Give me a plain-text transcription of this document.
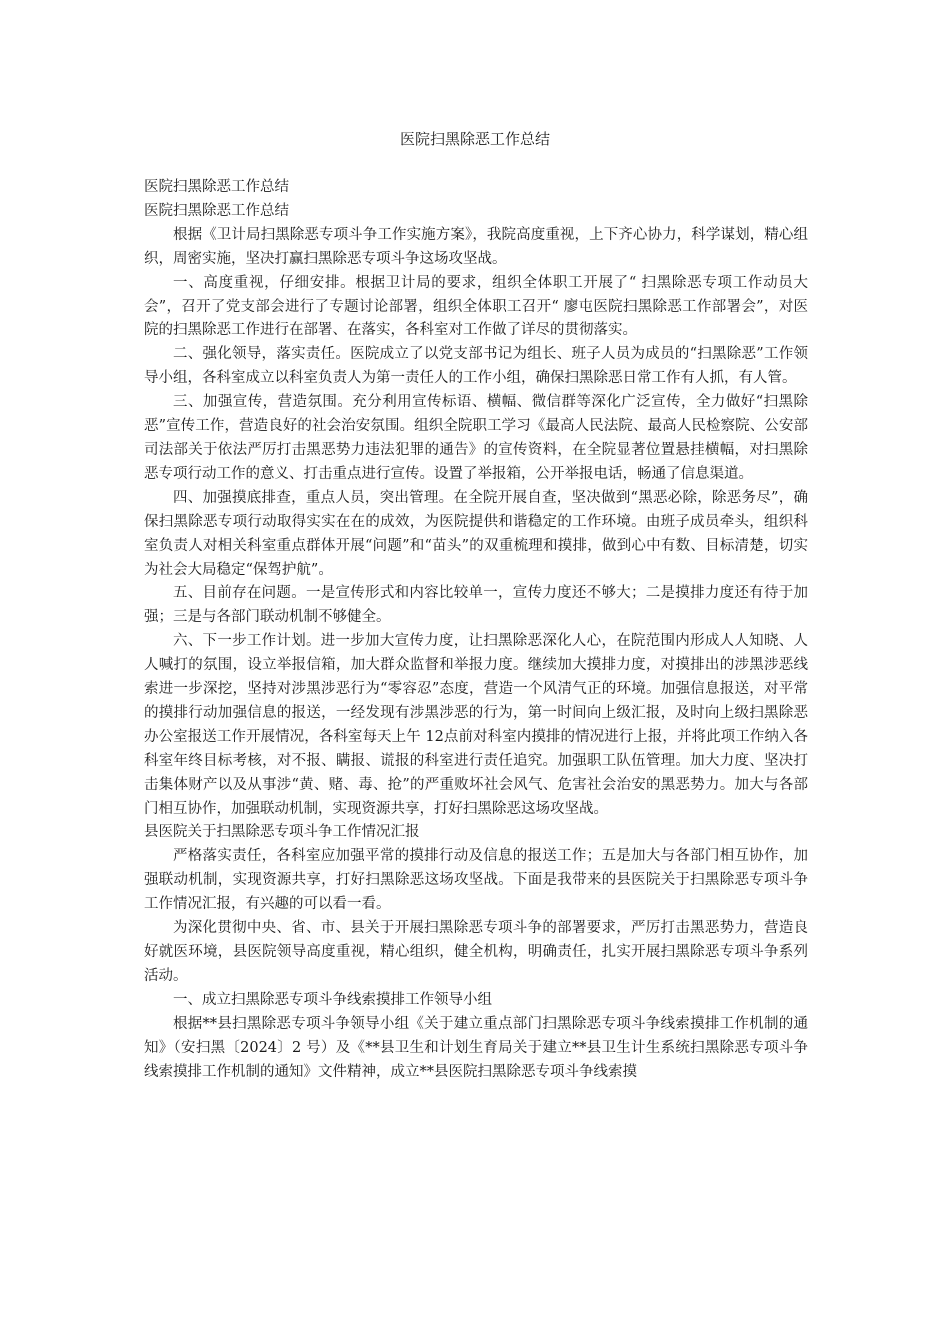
医院扫黑除恶工作总结

医院扫黑除恶工作总结

医院扫黑除恶工作总结

根据《卫计局扫黑除恶专项斗争工作实施方案》，我院高度重视，上下齐心协力，科学谋划，精心组织，周密实施，坚决打赢扫黑除恶专项斗争这场攻坚战。

一、高度重视，仔细安排。根据卫计局的要求，组织全体职工开展了“ 扫黑除恶专项工作动员大会”，召开了党支部会进行了专题讨论部署，组织全体职工召开“ 廖屯医院扫黑除恶工作部署会”，对医院的扫黑除恶工作进行在部署、在落实，各科室对工作做了详尽的贯彻落实。

二、强化领导，落实责任。医院成立了以党支部书记为组长、班子人员为成员的“扫黑除恶”工作领导小组，各科室成立以科室负责人为第一责任人的工作小组，确保扫黑除恶日常工作有人抓，有人管。

三、加强宣传，营造氛围。充分利用宣传标语、横幅、微信群等深化广泛宣传，全力做好“扫黑除恶”宣传工作，营造良好的社会治安氛围。组织全院职工学习《最高人民法院、最高人民检察院、公安部司法部关于依法严厉打击黑恶势力违法犯罪的通告》的宣传资料，在全院显著位置悬挂横幅，对扫黑除恶专项行动工作的意义、打击重点进行宣传。设置了举报箱，公开举报电话，畅通了信息渠道。

四、加强摸底排查，重点人员，突出管理。在全院开展自查，坚决做到“黑恶必除，除恶务尽”，确保扫黑除恶专项行动取得实实在在的成效，为医院提供和谐稳定的工作环境。由班子成员牵头，组织科室负责人对相关科室重点群体开展“问题”和“苗头”的双重梳理和摸排，做到心中有数、目标清楚，切实为社会大局稳定“保驾护航”。

五、目前存在问题。一是宣传形式和内容比较单一，宣传力度还不够大；二是摸排力度还有待于加强；三是与各部门联动机制不够健全。

六、下一步工作计划。进一步加大宣传力度，让扫黑除恶深化人心，在院范围内形成人人知晓、人人喊打的氛围，设立举报信箱，加大群众监督和举报力度。继续加大摸排力度，对摸排出的涉黑涉恶线索进一步深挖，坚持对涉黑涉恶行为“零容忍”态度，营造一个风清气正的环境。加强信息报送，对平常的摸排行动加强信息的报送，一经发现有涉黑涉恶的行为，第一时间向上级汇报，及时向上级扫黑除恶办公室报送工作开展情况，各科室每天上午 12点前对科室内摸排的情况进行上报，并将此项工作纳入各科室年终目标考核，对不报、瞒报、谎报的科室进行责任追究。加强职工队伍管理。加大力度、坚决打击集体财产以及从事涉“黄、赌、毒、抢”的严重败坏社会风气、危害社会治安的黑恶势力。加大与各部门相互协作，加强联动机制，实现资源共享，打好扫黑除恶这场攻坚战。

县医院关于扫黑除恶专项斗争工作情况汇报

严格落实责任，各科室应加强平常的摸排行动及信息的报送工作；五是加大与各部门相互协作，加强联动机制，实现资源共享，打好扫黑除恶这场攻坚战。下面是我带来的县医院关于扫黑除恶专项斗争工作情况汇报，有兴趣的可以看一看。

为深化贯彻中央、省、市、县关于开展扫黑除恶专项斗争的部署要求，严厉打击黑恶势力，营造良好就医环境，县医院领导高度重视，精心组织，健全机构，明确责任，扎实开展扫黑除恶专项斗争系列活动。

一、成立扫黑除恶专项斗争线索摸排工作领导小组

根据**县扫黑除恶专项斗争领导小组《关于建立重点部门扫黑除恶专项斗争线索摸排工作机制的通知》（安扫黑〔2024〕2 号）及《**县卫生和计划生育局关于建立**县卫生计生系统扫黑除恶专项斗争线索摸排工作机制的通知》文件精神，成立**县医院扫黑除恶专项斗争线索摸
